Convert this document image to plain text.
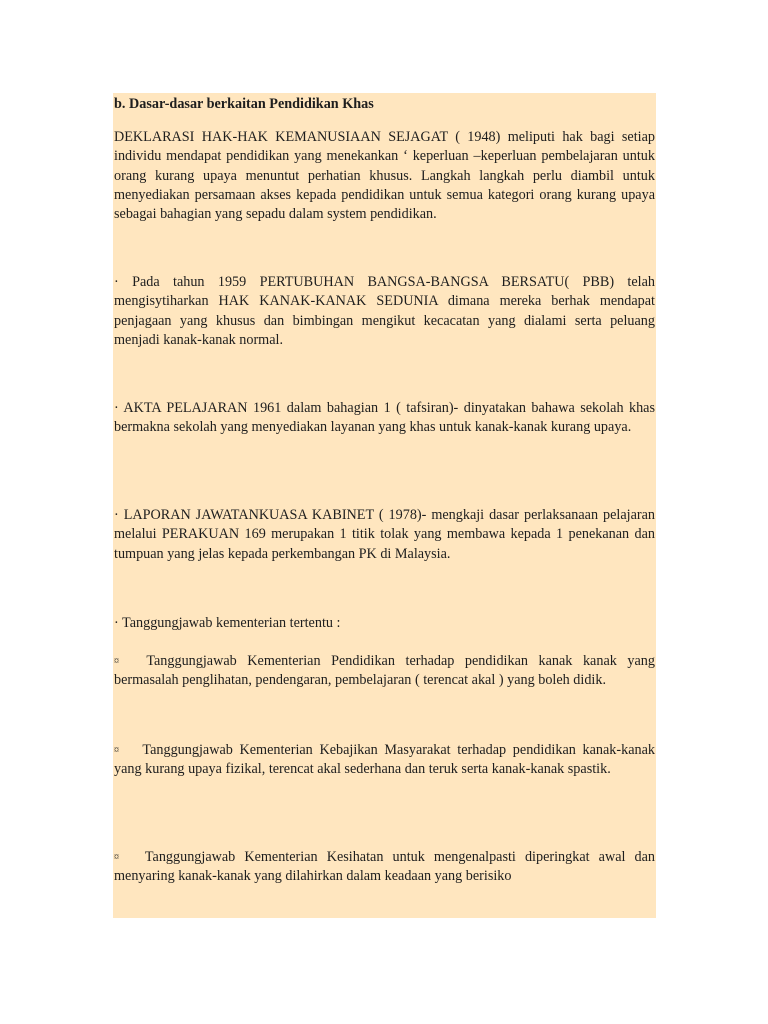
b. Dasar-dasar berkaitan Pendidikan Khas

DEKLARASI HAK-HAK KEMANUSIAAN SEJAGAT ( 1948) meliputi hak bagi setiap individu mendapat pendidikan yang menekankan ‘ keperluan –keperluan pembelajaran untuk orang kurang upaya menuntut perhatian khusus. Langkah langkah perlu diambil untuk menyediakan persamaan akses kepada pendidikan untuk semua kategori orang kurang upaya sebagai bahagian yang sepadu dalam system pendidikan.

· Pada tahun 1959 PERTUBUHAN BANGSA-BANGSA BERSATU( PBB) telah mengisytiharkan HAK KANAK-KANAK SEDUNIA dimana mereka berhak mendapat penjagaan yang khusus dan bimbingan mengikut kecacatan yang dialami serta peluang menjadi kanak-kanak normal.

· AKTA PELAJARAN 1961 dalam bahagian 1 ( tafsiran)- dinyatakan bahawa sekolah khas bermakna sekolah yang menyediakan layanan yang khas untuk kanak-kanak kurang upaya.

· LAPORAN JAWATANKUASA KABINET ( 1978)- mengkaji dasar perlaksanaan pelajaran melalui PERAKUAN 169 merupakan 1 titik tolak yang membawa kepada 1 penekanan dan tumpuan yang jelas kepada perkembangan PK di Malaysia.

· Tanggungjawab kementerian tertentu :

¤ Tanggungjawab Kementerian Pendidikan terhadap pendidikan kanak kanak yang bermasalah penglihatan, pendengaran, pembelajaran ( terencat akal ) yang boleh didik.

¤ Tanggungjawab Kementerian Kebajikan Masyarakat terhadap pendidikan kanak-kanak yang kurang upaya fizikal, terencat akal sederhana dan teruk serta kanak-kanak spastik.

¤ Tanggungjawab Kementerian Kesihatan untuk mengenalpasti diperingkat awal dan menyaring kanak-kanak yang dilahirkan dalam keadaan yang berisiko
